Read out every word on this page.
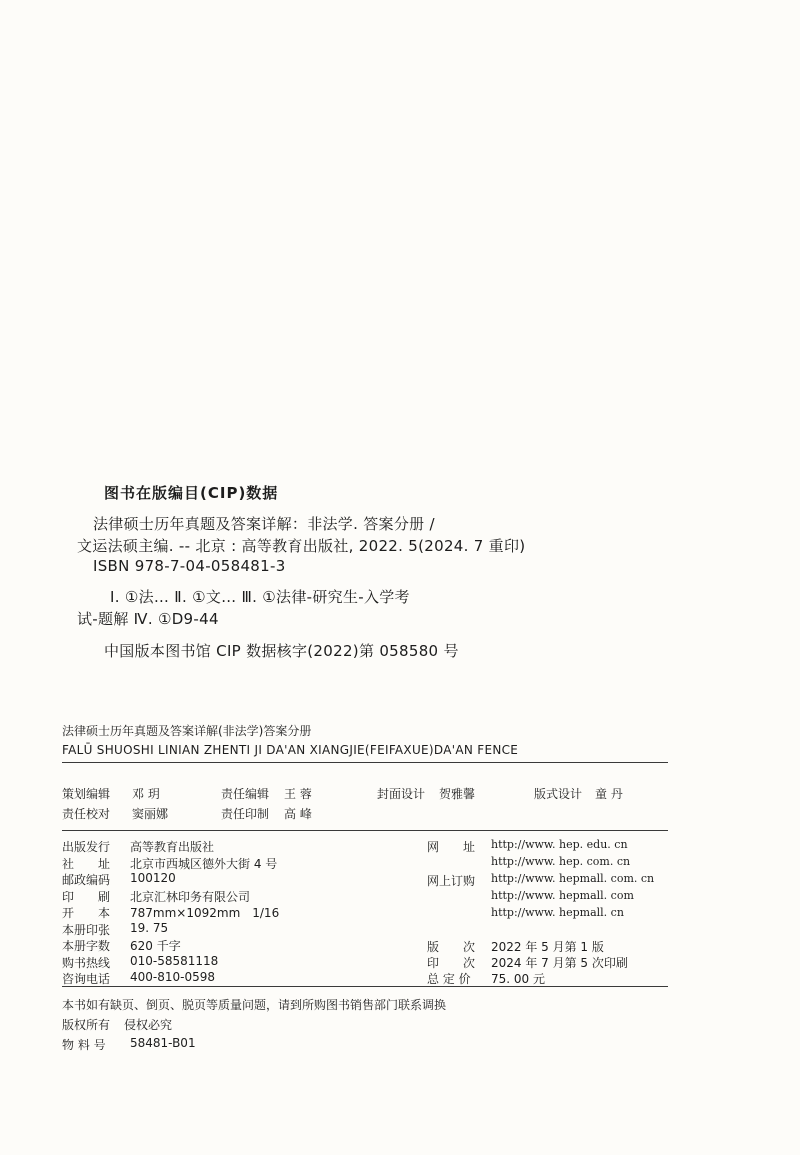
图书在版编目(CIP)数据
法律硕士历年真题及答案详解：非法学. 答案分册 /
文运法硕主编. -- 北京 : 高等教育出版社, 2022. 5(2024. 7 重印)
ISBN 978-7-04-058481-3
Ⅰ. ①法… Ⅱ. ①文… Ⅲ. ①法律-研究生-入学考
试-题解 Ⅳ. ①D9-44
中国版本图书馆 CIP 数据核字(2022)第 058580 号
法律硕士历年真题及答案详解(非法学)答案分册
FALŪ SHUOSHI LINIAN ZHENTI JI DA'AN XIANGJIE(FEIFAXUE)DA'AN FENCE
策划编辑 邓 玥	责任编辑 王 蓉	封面设计 贺雅馨	版式设计 童 丹
责任校对 窦丽娜	责任印制 高 峰
出版发行 高等教育出版社
社　　址 北京市西城区德外大街 4 号
邮政编码 100120
印　　刷 北京汇林印务有限公司
开　　本 787mm×1092mm　1/16
本册印张 19. 75
本册字数 620 千字
购书热线 010-58581118
咨询电话 400-810-0598
网　　址 http://www. hep. edu. cn
http://www. hep. com. cn
网上订购 http://www. hepmall. com. cn
http://www. hepmall. com
http://www. hepmall. cn
版　　次 2022 年 5 月第 1 版
印　　次 2024 年 7 月第 5 次印刷
总 定 价 75. 00 元
本书如有缺页、倒页、脱页等质量问题，请到所购图书销售部门联系调换
版权所有 侵权必究
物 料 号 58481-B01
